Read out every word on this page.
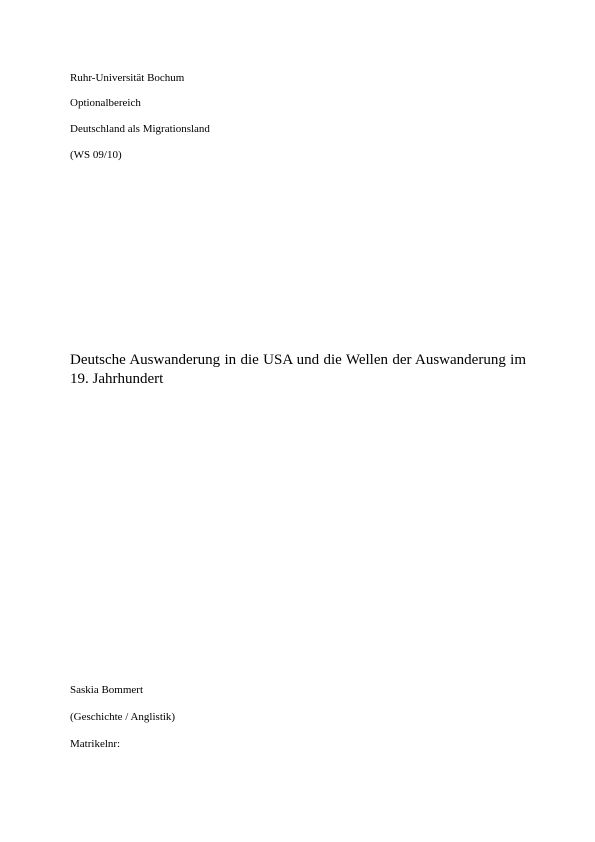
Ruhr-Universität Bochum
Optionalbereich
Deutschland als Migrationsland
(WS 09/10)
Deutsche Auswanderung in die USA und die Wellen der Auswanderung im 19. Jahrhundert
Saskia Bommert
(Geschichte / Anglistik)
Matrikelnr:
